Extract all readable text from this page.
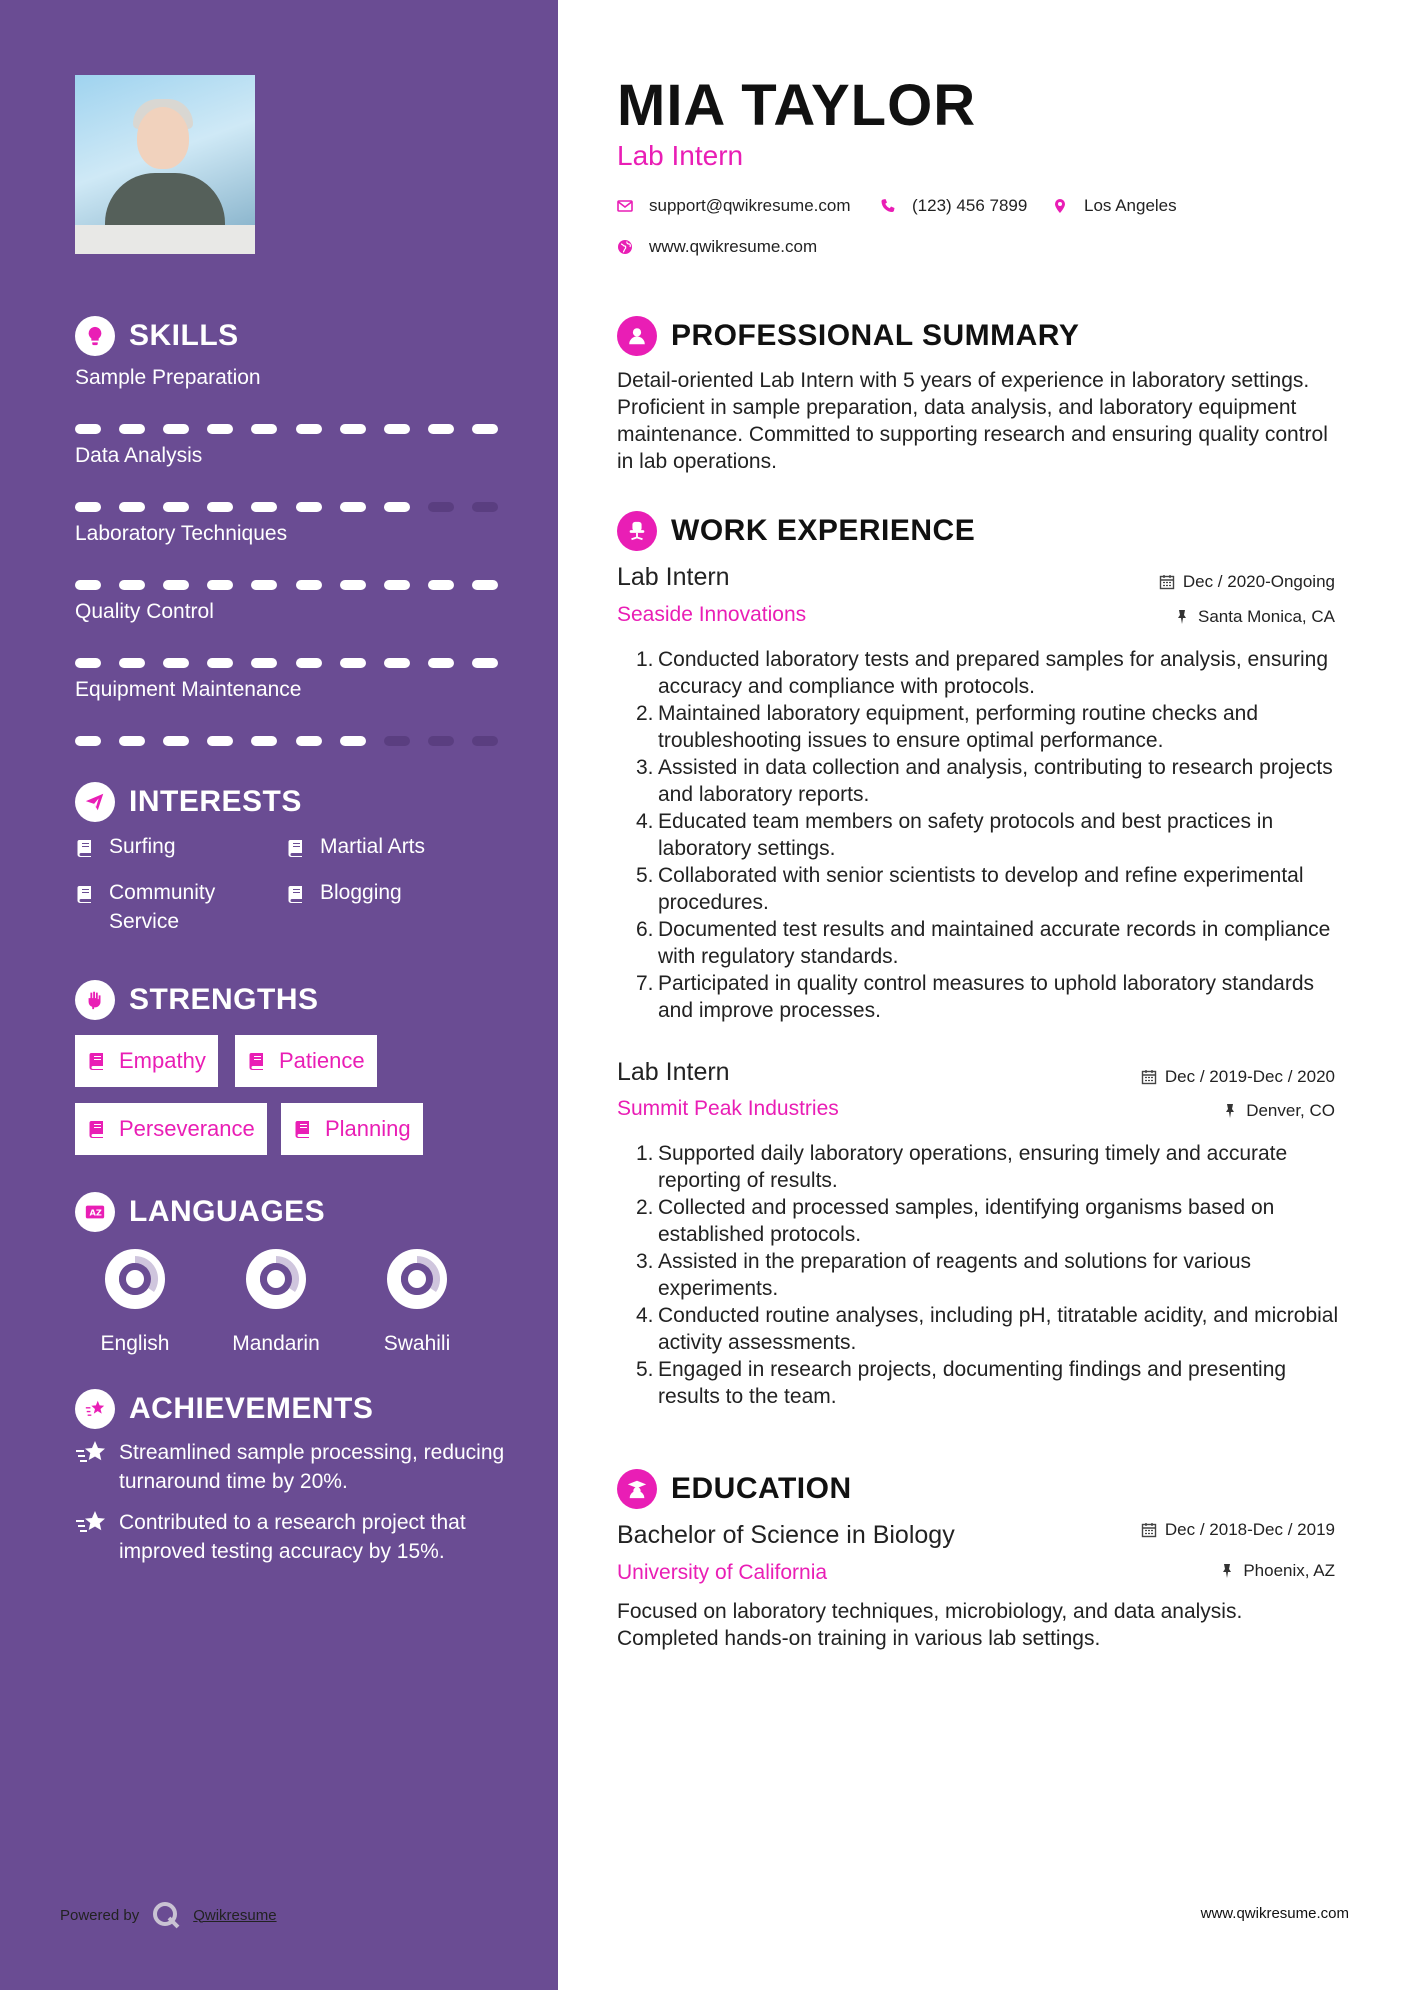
SKILLS
Sample Preparation
Data Analysis
Laboratory Techniques
Quality Control
Equipment Maintenance
INTERESTS
Surfing	Martial Arts
Community Service
Blogging
STRENGTHS
Empathy	Patience
Perseverance	Planning
A Z LANGUAGES
English	Mandarin	Swahili
ACHIEVEMENTS
Streamlined sample processing, reducing turnaround time by 20%.
Contributed to a research project that improved testing accuracy by 15%.
Powered by	Qwikresume
MIA TAYLOR
Lab Intern
support@qwikresume.com	(123) 456 7899	Los Angeles
www.qwikresume.com
PROFESSIONAL SUMMARY
Detail-oriented Lab Intern with 5 years of experience in laboratory settings. Proficient in sample preparation, data analysis, and laboratory equipment maintenance. Committed to supporting research and ensuring quality control in lab operations.
WORK EXPERIENCE
Lab Intern	Dec / 2020-Ongoing
Seaside Innovations	Santa Monica, CA
1. Conducted laboratory tests and prepared samples for analysis, ensuring accuracy and compliance with protocols.
2. Maintained laboratory equipment, performing routine checks and troubleshooting issues to ensure optimal performance.
3. Assisted in data collection and analysis, contributing to research projects and laboratory reports.
4. Educated team members on safety protocols and best practices in laboratory settings.
5. Collaborated with senior scientists to develop and refine experimental procedures.
6. Documented test results and maintained accurate records in compliance with regulatory standards.
7. Participated in quality control measures to uphold laboratory standards and improve processes.
Lab Intern	Dec / 2019-Dec / 2020
Summit Peak Industries	Denver, CO
1. Supported daily laboratory operations, ensuring timely and accurate reporting of results.
2. Collected and processed samples, identifying organisms based on established protocols.
3. Assisted in the preparation of reagents and solutions for various experiments.
4. Conducted routine analyses, including pH, titratable acidity, and microbial activity assessments.
5. Engaged in research projects, documenting findings and presenting results to the team.
EDUCATION
Bachelor of Science in Biology	Dec / 2018-Dec / 2019
University of California	Phoenix, AZ
Focused on laboratory techniques, microbiology, and data analysis. Completed hands-on training in various lab settings.
www.qwikresume.com
